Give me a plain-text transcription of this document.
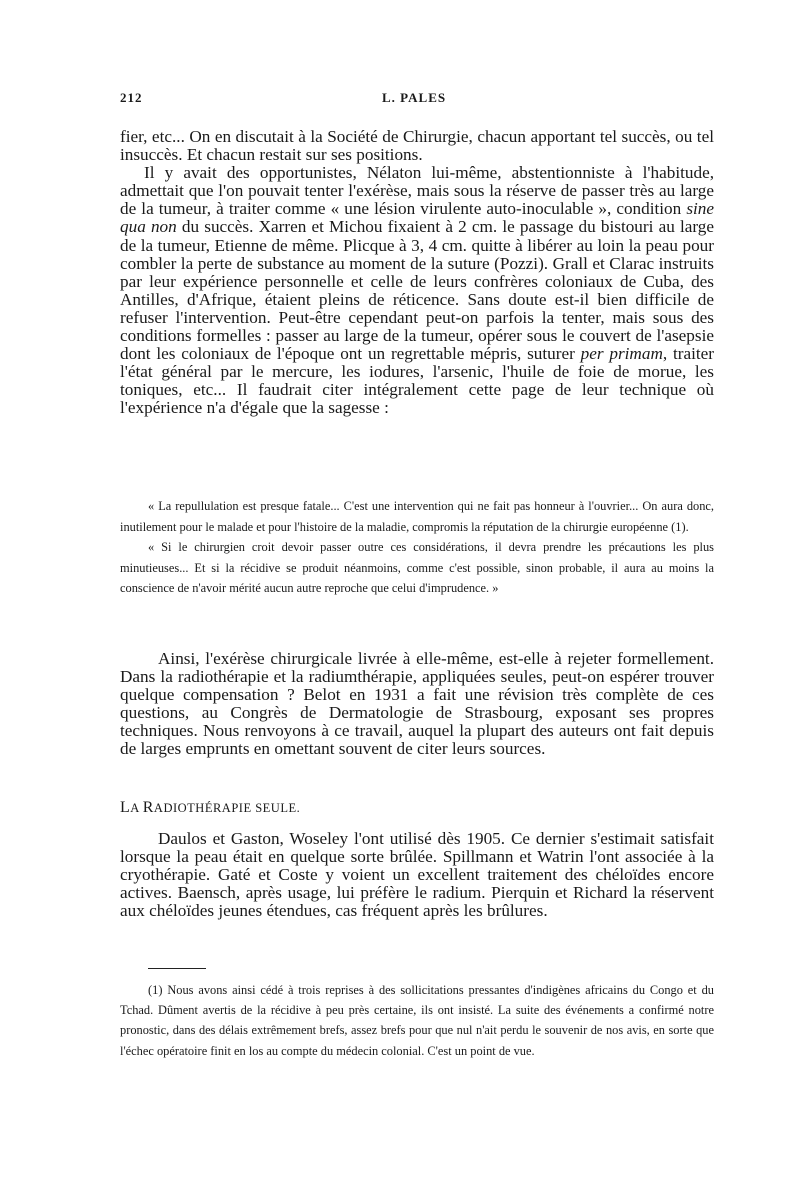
212	L. PALES

fier, etc... On en discutait à la Société de Chirurgie, chacun apportant tel succès, ou tel insuccès. Et chacun restait sur ses positions.

Il y avait des opportunistes, Nélaton lui-même, abstentionniste à l'habitude, admettait que l'on pouvait tenter l'exérèse, mais sous la réserve de passer très au large de la tumeur, à traiter comme « une lésion virulente auto-inoculable », condition sine qua non du succès. Xarren et Michou fixaient à 2 cm. le passage du bistouri au large de la tumeur, Etienne de même. Plicque à 3, 4 cm. quitte à libérer au loin la peau pour combler la perte de substance au moment de la suture (Pozzi). Grall et Clarac instruits par leur expérience personnelle et celle de leurs confrères coloniaux de Cuba, des Antilles, d'Afrique, étaient pleins de réticence. Sans doute est-il bien difficile de refuser l'intervention. Peut-être cependant peut-on parfois la tenter, mais sous des conditions formelles : passer au large de la tumeur, opérer sous le couvert de l'asepsie dont les coloniaux de l'époque ont un regrettable mépris, suturer per primam, traiter l'état général par le mercure, les iodures, l'arsenic, l'huile de foie de morue, les toniques, etc... Il faudrait citer intégralement cette page de leur technique où l'expérience n'a d'égale que la sagesse :

« La repullulation est presque fatale... C'est une intervention qui ne fait pas honneur à l'ouvrier... On aura donc, inutilement pour le malade et pour l'histoire de la maladie, compromis la réputation de la chirurgie européenne (1).

« Si le chirurgien croit devoir passer outre ces considérations, il devra prendre les précautions les plus minutieuses... Et si la récidive se produit néanmoins, comme c'est possible, sinon probable, il aura au moins la conscience de n'avoir mérité aucun autre reproche que celui d'imprudence. »

Ainsi, l'exérèse chirurgicale livrée à elle-même, est-elle à rejeter formellement. Dans la radiothérapie et la radiumthérapie, appliquées seules, peut-on espérer trouver quelque compensation ? Belot en 1931 a fait une révision très complète de ces questions, au Congrès de Dermatologie de Strasbourg, exposant ses propres techniques. Nous renvoyons à ce travail, auquel la plupart des auteurs ont fait depuis de larges emprunts en omettant souvent de citer leurs sources.

LA RADIOTHÉRAPIE SEULE.

Daulos et Gaston, Woseley l'ont utilisé dès 1905. Ce dernier s'estimait satisfait lorsque la peau était en quelque sorte brûlée. Spillmann et Watrin l'ont associée à la cryothérapie. Gaté et Coste y voient un excellent traitement des chéloïdes encore actives. Baensch, après usage, lui préfère le radium. Pierquin et Richard la réservent aux chéloïdes jeunes étendues, cas fréquent après les brûlures.

(1) Nous avons ainsi cédé à trois reprises à des sollicitations pressantes d'indigènes africains du Congo et du Tchad. Dûment avertis de la récidive à peu près certaine, ils ont insisté. La suite des événements a confirmé notre pronostic, dans des délais extrêmement brefs, assez brefs pour que nul n'ait perdu le souvenir de nos avis, en sorte que l'échec opératoire finit en los au compte du médecin colonial. C'est un point de vue.
